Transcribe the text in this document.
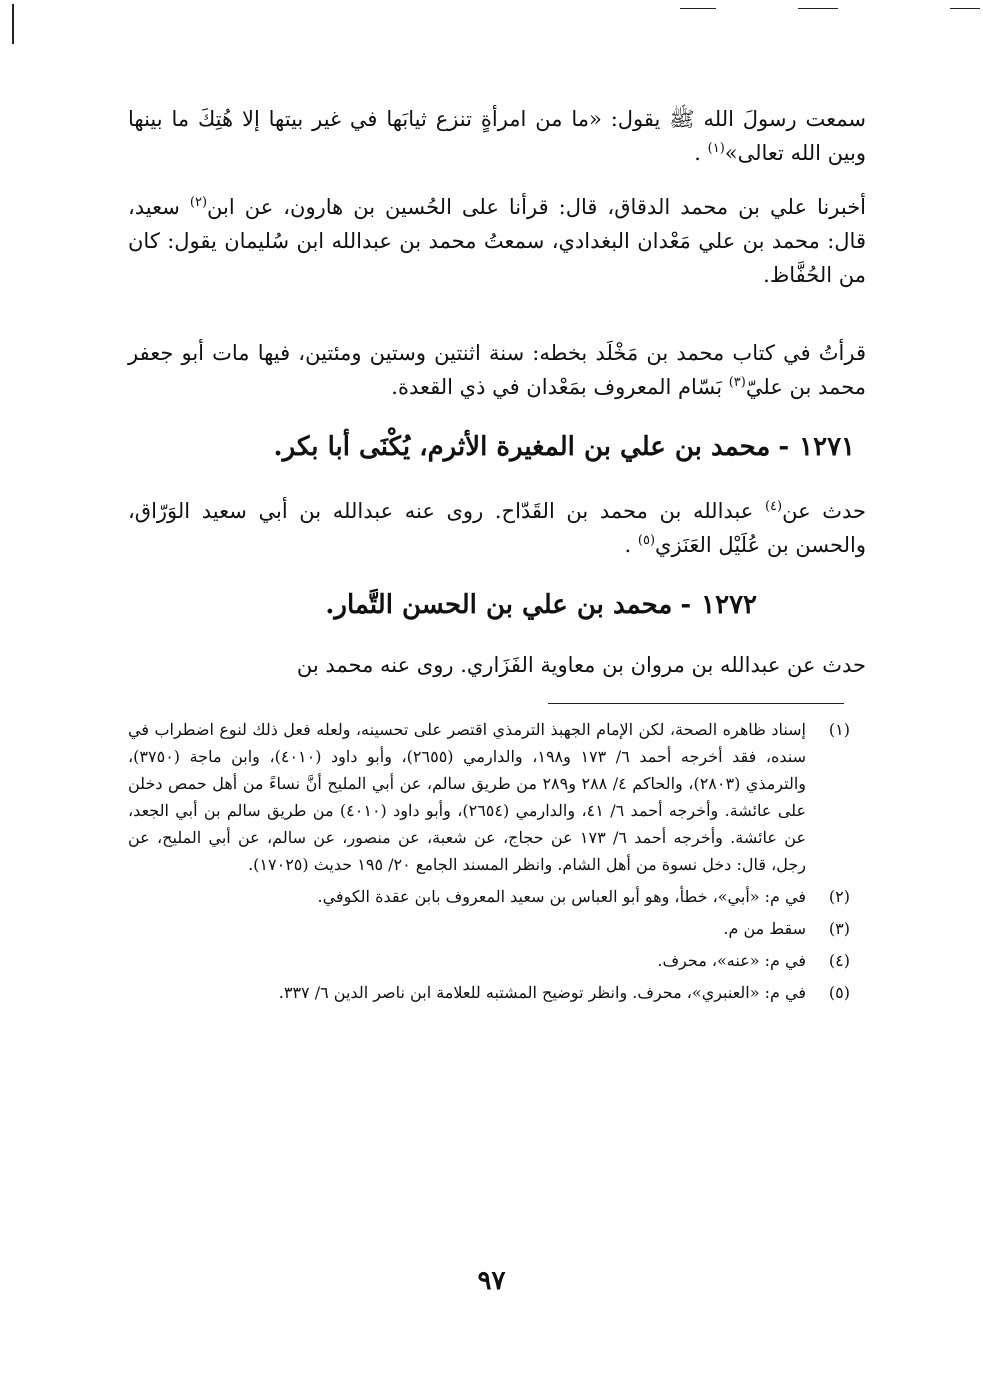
سمعت رسولَ الله ﷺ يقول: «ما من امرأةٍ تنزع ثيابَها في غير بيتها إلا هُتِكَ ما بينها وبين الله تعالى»$^{(١)}$ .

أخبرنا علي بن محمد الدقاق، قال: قرأنا على الحُسين بن هارون، عن ابن$^{(٢)}$ سعيد، قال: محمد بن علي مَعْدان البغدادي، سمعتُ محمد بن عبدالله ابن سُليمان يقول: كان من الحُفَّاظ.

قرأتُ في كتاب محمد بن مَخْلَد بخطه: سنة اثنتين وستين ومئتين، فيها مات أبو جعفر محمد بن عليّ$^{(٣)}$ بَسّام المعروف بمَعْدان في ذي القعدة.

١٢٧١-محمد بن علي بن المغيرة الأثرم، يُكْنَى أبا بكر.

حدث عن$^{(٤)}$ عبدالله بن محمد بن القَدّاح. روى عنه عبدالله بن أبي سعيد الوَرّاق، والحسن بن عُلَيْل العَنَزي$^{(٥)}$ .

١٢٧٢-محمد بن علي بن الحسن التَّمار.

حدث عن عبدالله بن مروان بن معاوية الفَزَاري. روى عنه محمد بن

(١)
إسناد ظاهره الصحة، لكن الإمام الجهبذ الترمذي اقتصر على تحسينه، ولعله فعل ذلك لنوع اضطراب في سنده، فقد أخرجه أحمد ٦/ ١٧٣ و١٩٨، والدارمي (٢٦٥٥)، وأبو داود (٤٠١٠)، وابن ماجة (٣٧٥٠)، والترمذي (٢٨٠٣)، والحاكم ٤/ ٢٨٨ و٢٨٩ من طريق سالم، عن أبي المليح أنَّ نساءً من أهل حمص دخلن على عائشة. وأخرجه أحمد ٦/ ٤١، والدارمي (٢٦٥٤)، وأبو داود (٤٠١٠) من طريق سالم بن أبي الجعد، عن عائشة. وأخرجه أحمد ٦/ ١٧٣ عن حجاج، عن شعبة، عن منصور، عن سالم، عن أبي المليح، عن رجل، قال: دخل نسوة من أهل الشام. وانظر المسند الجامع ٢٠/ ١٩٥ حديث (١٧٠٢٥).
(٢)
في م: «أبي»، خطأ، وهو أبو العباس بن سعيد المعروف بابن عقدة الكوفي.
(٣)
سقط من م.
(٤)
في م: «عنه»، محرف.
(٥)
في م: «العنبري»، محرف. وانظر توضيح المشتبه للعلامة ابن ناصر الدين ٦/ ٣٣٧.
٩٧
